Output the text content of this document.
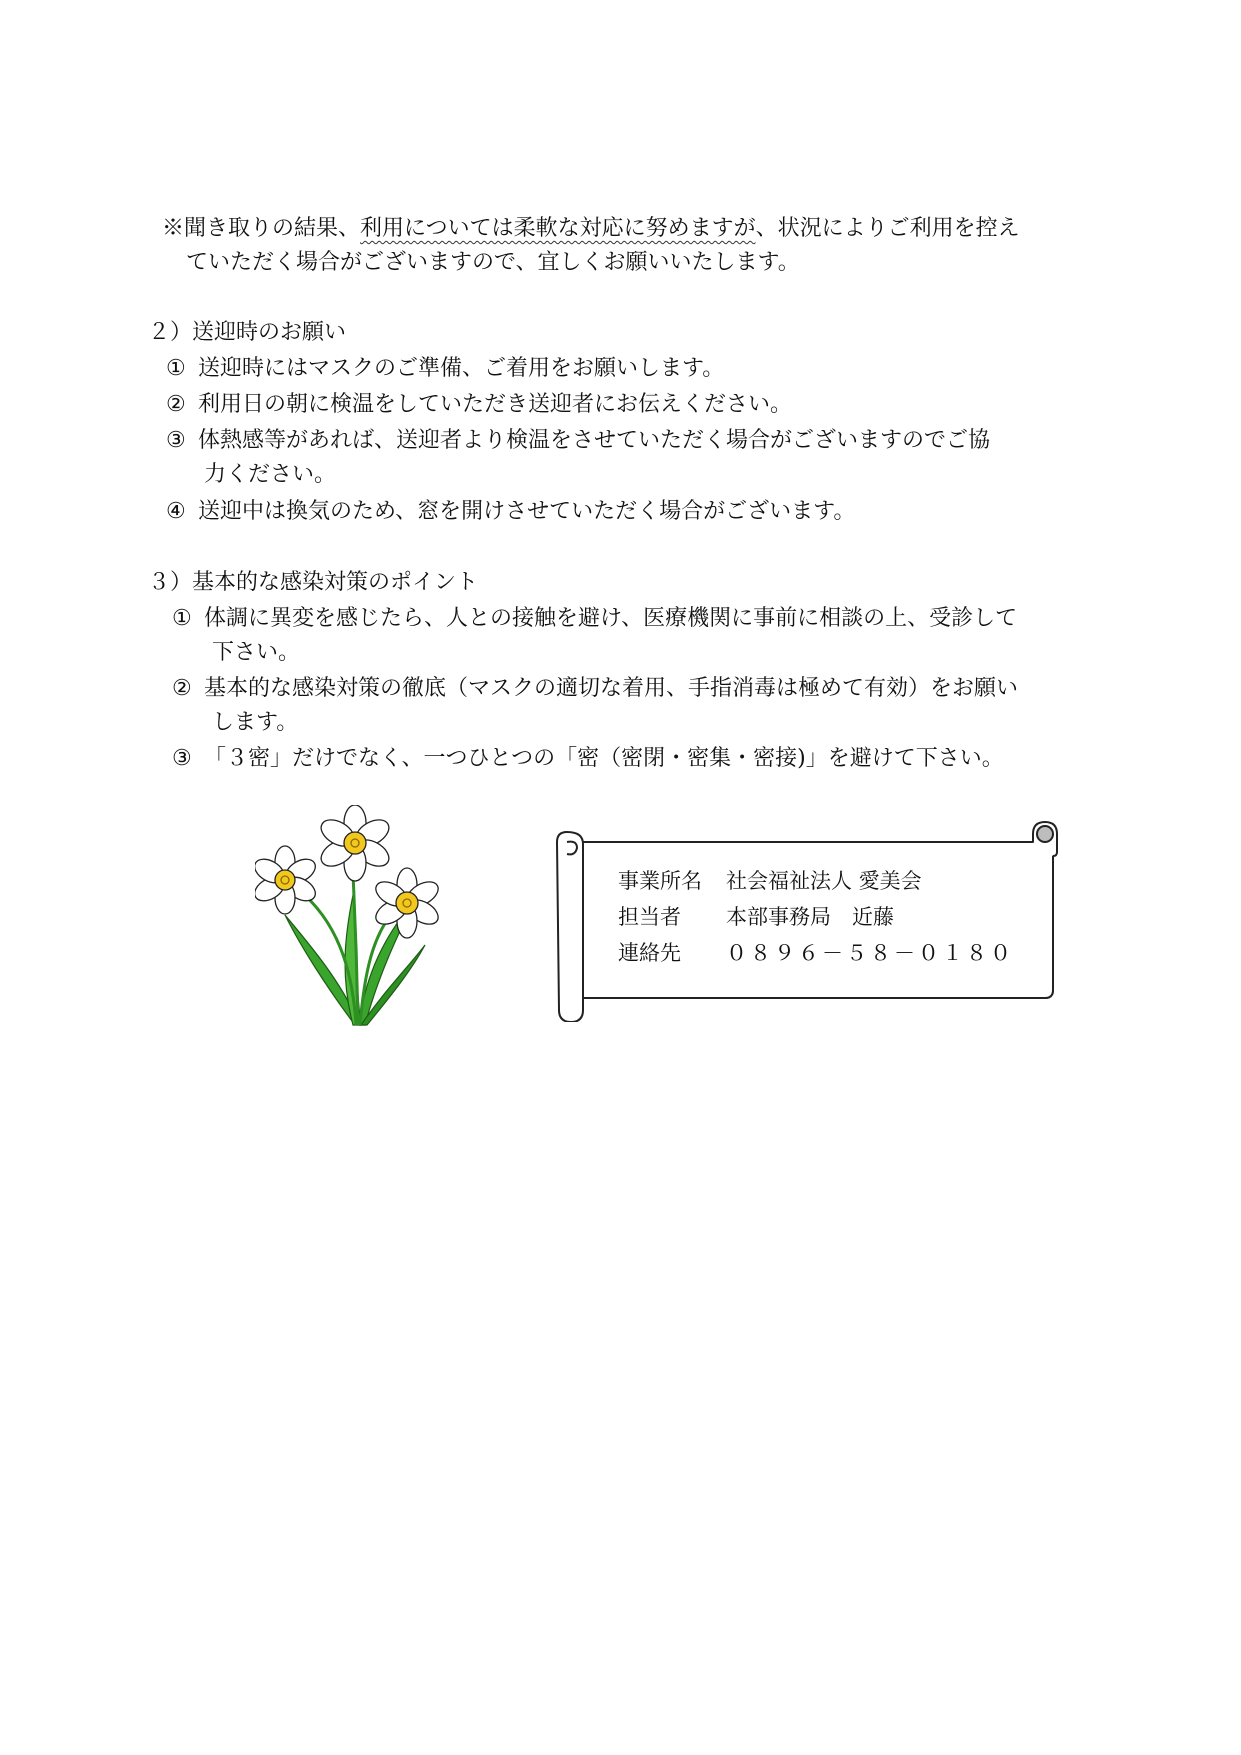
※聞き取りの結果、利用については柔軟な対応に努めますが、状況によりご利用を控え

ていただく場合がございますので、宜しくお願いいたします。

２）送迎時のお願い

① 送迎時にはマスクのご準備、ご着用をお願いします。

② 利用日の朝に検温をしていただき送迎者にお伝えください。

③ 体熱感等があれば、送迎者より検温をさせていただく場合がございますのでご協

力ください。

④ 送迎中は換気のため、窓を開けさせていただく場合がございます。

３）基本的な感染対策のポイント

① 体調に異変を感じたら、人との接触を避け、医療機関に事前に相談の上、受診して

下さい。

② 基本的な感染対策の徹底（マスクの適切な着用、手指消毒は極めて有効）をお願い

します。

③ 「３密」だけでなく、一つひとつの「密（密閉・密集・密接)」を避けて下さい。

事業所名 社会福祉法人 愛美会
担当者 本部事務局　近藤
連絡先 ０８９６－５８－０１８０
